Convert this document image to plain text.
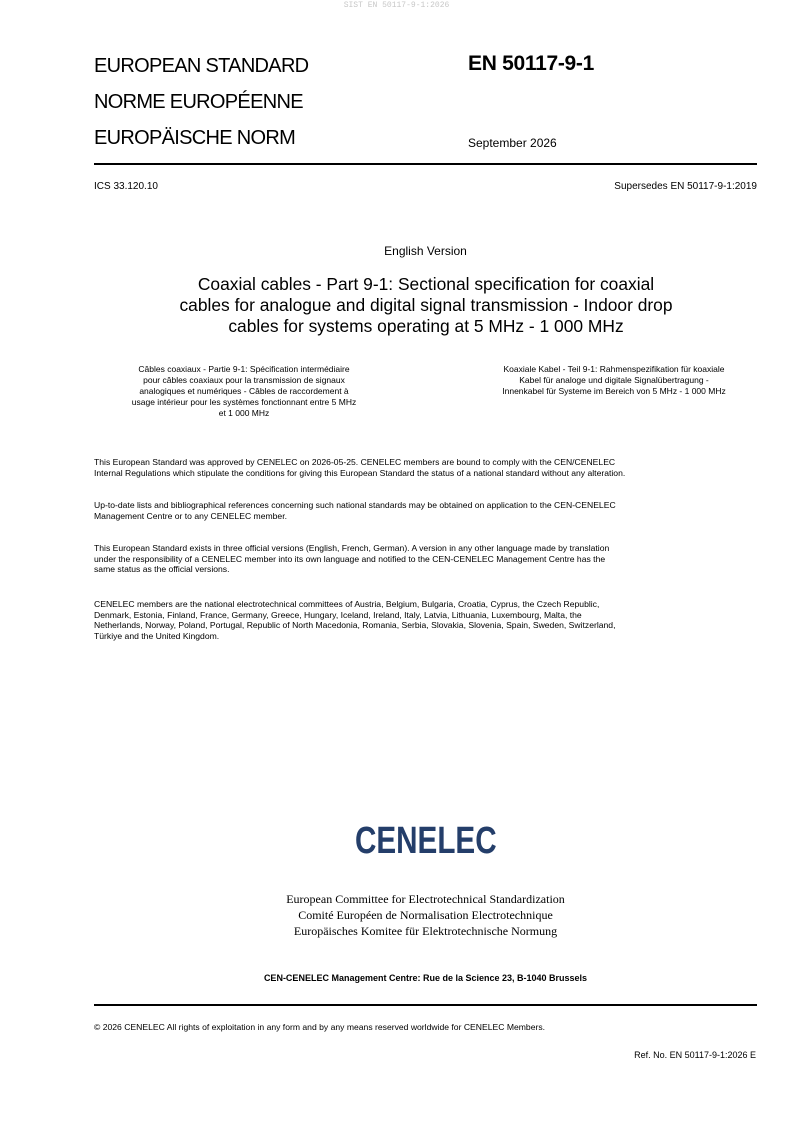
SIST EN 50117-9-1:2026
EUROPEAN STANDARD
NORME EUROPÉENNE
EUROPÄISCHE NORM
EN 50117-9-1
September 2026
ICS 33.120.10	Supersedes EN 50117-9-1:2019
English Version
Coaxial cables - Part 9-1: Sectional specification for coaxial
cables for analogue and digital signal transmission - Indoor drop
cables for systems operating at 5 MHz - 1 000 MHz
Câbles coaxiaux - Partie 9-1: Spécification intermédiaire
pour câbles coaxiaux pour la transmission de signaux
analogiques et numériques - Câbles de raccordement à
usage intérieur pour les systèmes fonctionnant entre 5 MHz
et 1 000 MHz
Koaxiale Kabel - Teil 9-1: Rahmenspezifikation für koaxiale
Kabel für analoge und digitale Signalübertragung -
Innenkabel für Systeme im Bereich von 5 MHz - 1 000 MHz
This European Standard was approved by CENELEC on 2026-05-25. CENELEC members are bound to comply with the CEN/CENELEC
Internal Regulations which stipulate the conditions for giving this European Standard the status of a national standard without any alteration.
Up-to-date lists and bibliographical references concerning such national standards may be obtained on application to the CEN-CENELEC
Management Centre or to any CENELEC member.
This European Standard exists in three official versions (English, French, German). A version in any other language made by translation
under the responsibility of a CENELEC member into its own language and notified to the CEN-CENELEC Management Centre has the
same status as the official versions.
CENELEC members are the national electrotechnical committees of Austria, Belgium, Bulgaria, Croatia, Cyprus, the Czech Republic,
Denmark, Estonia, Finland, France, Germany, Greece, Hungary, Iceland, Ireland, Italy, Latvia, Lithuania, Luxembourg, Malta, the
Netherlands, Norway, Poland, Portugal, Republic of North Macedonia, Romania, Serbia, Slovakia, Slovenia, Spain, Sweden, Switzerland,
Türkiye and the United Kingdom.
CENELEC
European Committee for Electrotechnical Standardization
Comité Européen de Normalisation Electrotechnique
Europäisches Komitee für Elektrotechnische Normung
CEN-CENELEC Management Centre: Rue de la Science 23, B-1040 Brussels
© 2026 CENELEC All rights of exploitation in any form and by any means reserved worldwide for CENELEC Members.
Ref. No. EN 50117-9-1:2026 E
